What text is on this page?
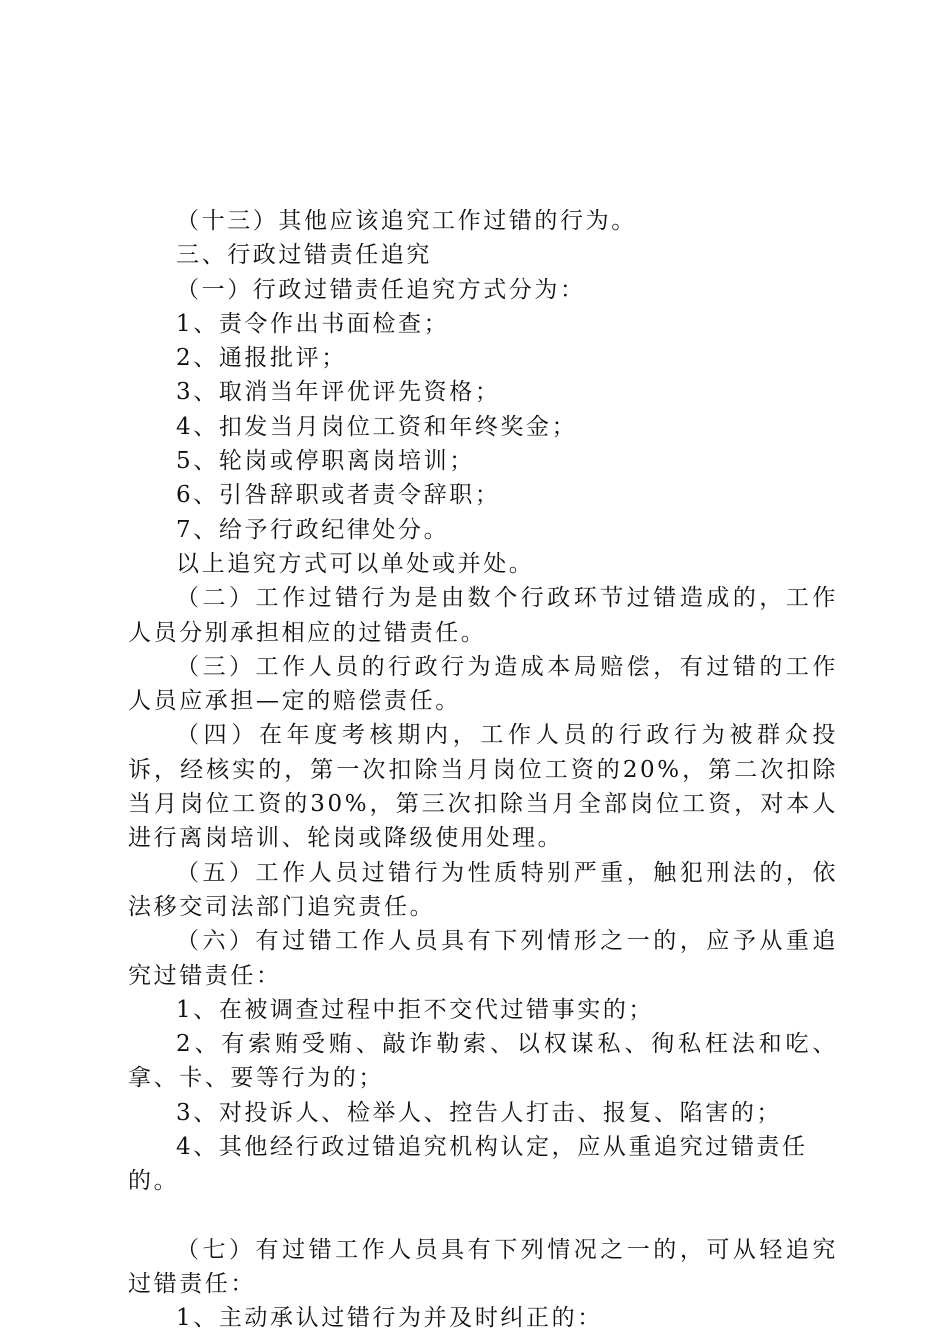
（十三）其他应该追究工作过错的行为。

三、行政过错责任追究

（一）行政过错责任追究方式分为：

1、责令作出书面检查；

2、通报批评；

3、取消当年评优评先资格；

4、扣发当月岗位工资和年终奖金；

5、轮岗或停职离岗培训；

6、引咎辞职或者责令辞职；

7、给予行政纪律处分。

以上追究方式可以单处或并处。

（二）工作过错行为是由数个行政环节过错造成的，工作人员分别承担相应的过错责任。

（三）工作人员的行政行为造成本局赔偿，有过错的工作人员应承担—定的赔偿责任。

（四）在年度考核期内，工作人员的行政行为被群众投诉，经核实的，第一次扣除当月岗位工资的20%，第二次扣除当月岗位工资的30%，第三次扣除当月全部岗位工资，对本人进行离岗培训、轮岗或降级使用处理。

（五）工作人员过错行为性质特别严重，触犯刑法的，依法移交司法部门追究责任。

（六）有过错工作人员具有下列情形之一的，应予从重追究过错责任：

1、在被调查过程中拒不交代过错事实的；

2、有索贿受贿、敲诈勒索、以权谋私、徇私枉法和吃、拿、卡、要等行为的；

3、对投诉人、检举人、控告人打击、报复、陷害的；

4、其他经行政过错追究机构认定，应从重追究过错责任的。

（七）有过错工作人员具有下列情况之一的，可从轻追究过错责任：

1、主动承认过错行为并及时纠正的：
